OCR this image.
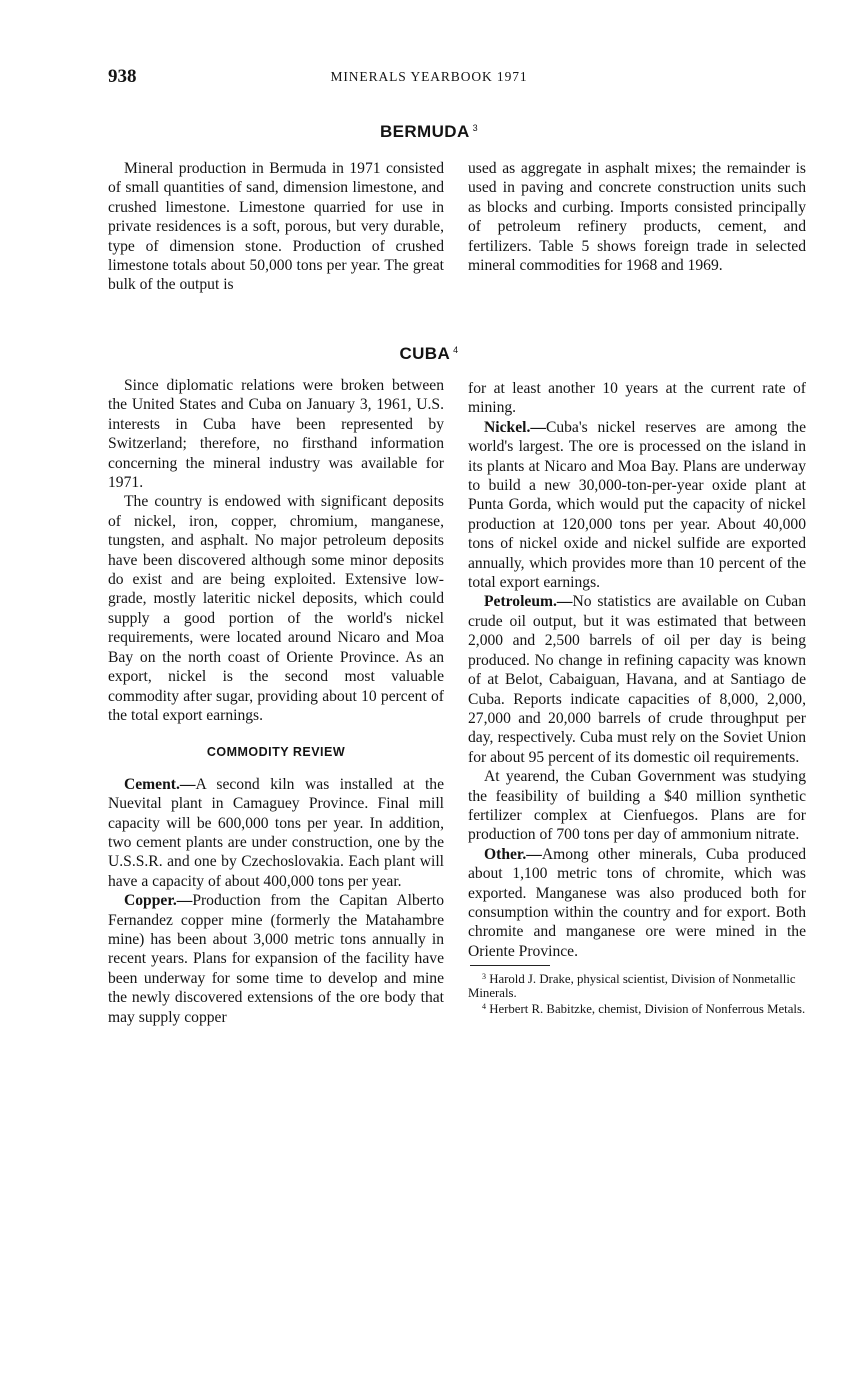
938	MINERALS YEARBOOK 1971
BERMUDA $^3$

Mineral production in Bermuda in 1971 consisted of small quantities of sand, dimension limestone, and crushed limestone. Limestone quarried for use in private residences is a soft, porous, but very durable, type of dimension stone. Production of crushed limestone totals about 50,000 tons per year. The great bulk of the output is

used as aggregate in asphalt mixes; the remainder is used in paving and concrete construction units such as blocks and curbing. Imports consisted principally of petroleum refinery products, cement, and fertilizers. Table 5 shows foreign trade in selected mineral commodities for 1968 and 1969.

CUBA $^4$

Since diplomatic relations were broken between the United States and Cuba on January 3, 1961, U.S. interests in Cuba have been represented by Switzerland; therefore, no firsthand information concerning the mineral industry was available for 1971.

The country is endowed with significant deposits of nickel, iron, copper, chromium, manganese, tungsten, and asphalt. No major petroleum deposits have been discovered although some minor deposits do exist and are being exploited. Extensive low-grade, mostly lateritic nickel deposits, which could supply a good portion of the world's nickel requirements, were located around Nicaro and Moa Bay on the north coast of Oriente Province. As an export, nickel is the second most valuable commodity after sugar, providing about 10 percent of the total export earnings.

COMMODITY REVIEW

Cement.—A second kiln was installed at the Nuevital plant in Camaguey Province. Final mill capacity will be 600,000 tons per year. In addition, two cement plants are under construction, one by the U.S.S.R. and one by Czechoslovakia. Each plant will have a capacity of about 400,000 tons per year.

Copper.—Production from the Capitan Alberto Fernandez copper mine (formerly the Matahambre mine) has been about 3,000 metric tons annually in recent years. Plans for expansion of the facility have been underway for some time to develop and mine the newly discovered extensions of the ore body that may supply copper

for at least another 10 years at the current rate of mining.

Nickel.—Cuba's nickel reserves are among the world's largest. The ore is processed on the island in its plants at Nicaro and Moa Bay. Plans are underway to build a new 30,000-ton-per-year oxide plant at Punta Gorda, which would put the capacity of nickel production at 120,000 tons per year. About 40,000 tons of nickel oxide and nickel sulfide are exported annually, which provides more than 10 percent of the total export earnings.

Petroleum.—No statistics are available on Cuban crude oil output, but it was estimated that between 2,000 and 2,500 barrels of oil per day is being produced. No change in refining capacity was known of at Belot, Cabaiguan, Havana, and at Santiago de Cuba. Reports indicate capacities of 8,000, 2,000, 27,000 and 20,000 barrels of crude throughput per day, respectively. Cuba must rely on the Soviet Union for about 95 percent of its domestic oil requirements.

At yearend, the Cuban Government was studying the feasibility of building a $40 million synthetic fertilizer complex at Cienfuegos. Plans are for production of 700 tons per day of ammonium nitrate.

Other.—Among other minerals, Cuba produced about 1,100 metric tons of chromite, which was exported. Manganese was also produced both for consumption within the country and for export. Both chromite and manganese ore were mined in the Oriente Province.

$^3$ Harold J. Drake, physical scientist, Division of Nonmetallic Minerals.

$^4$ Herbert R. Babitzke, chemist, Division of Nonferrous Metals.
